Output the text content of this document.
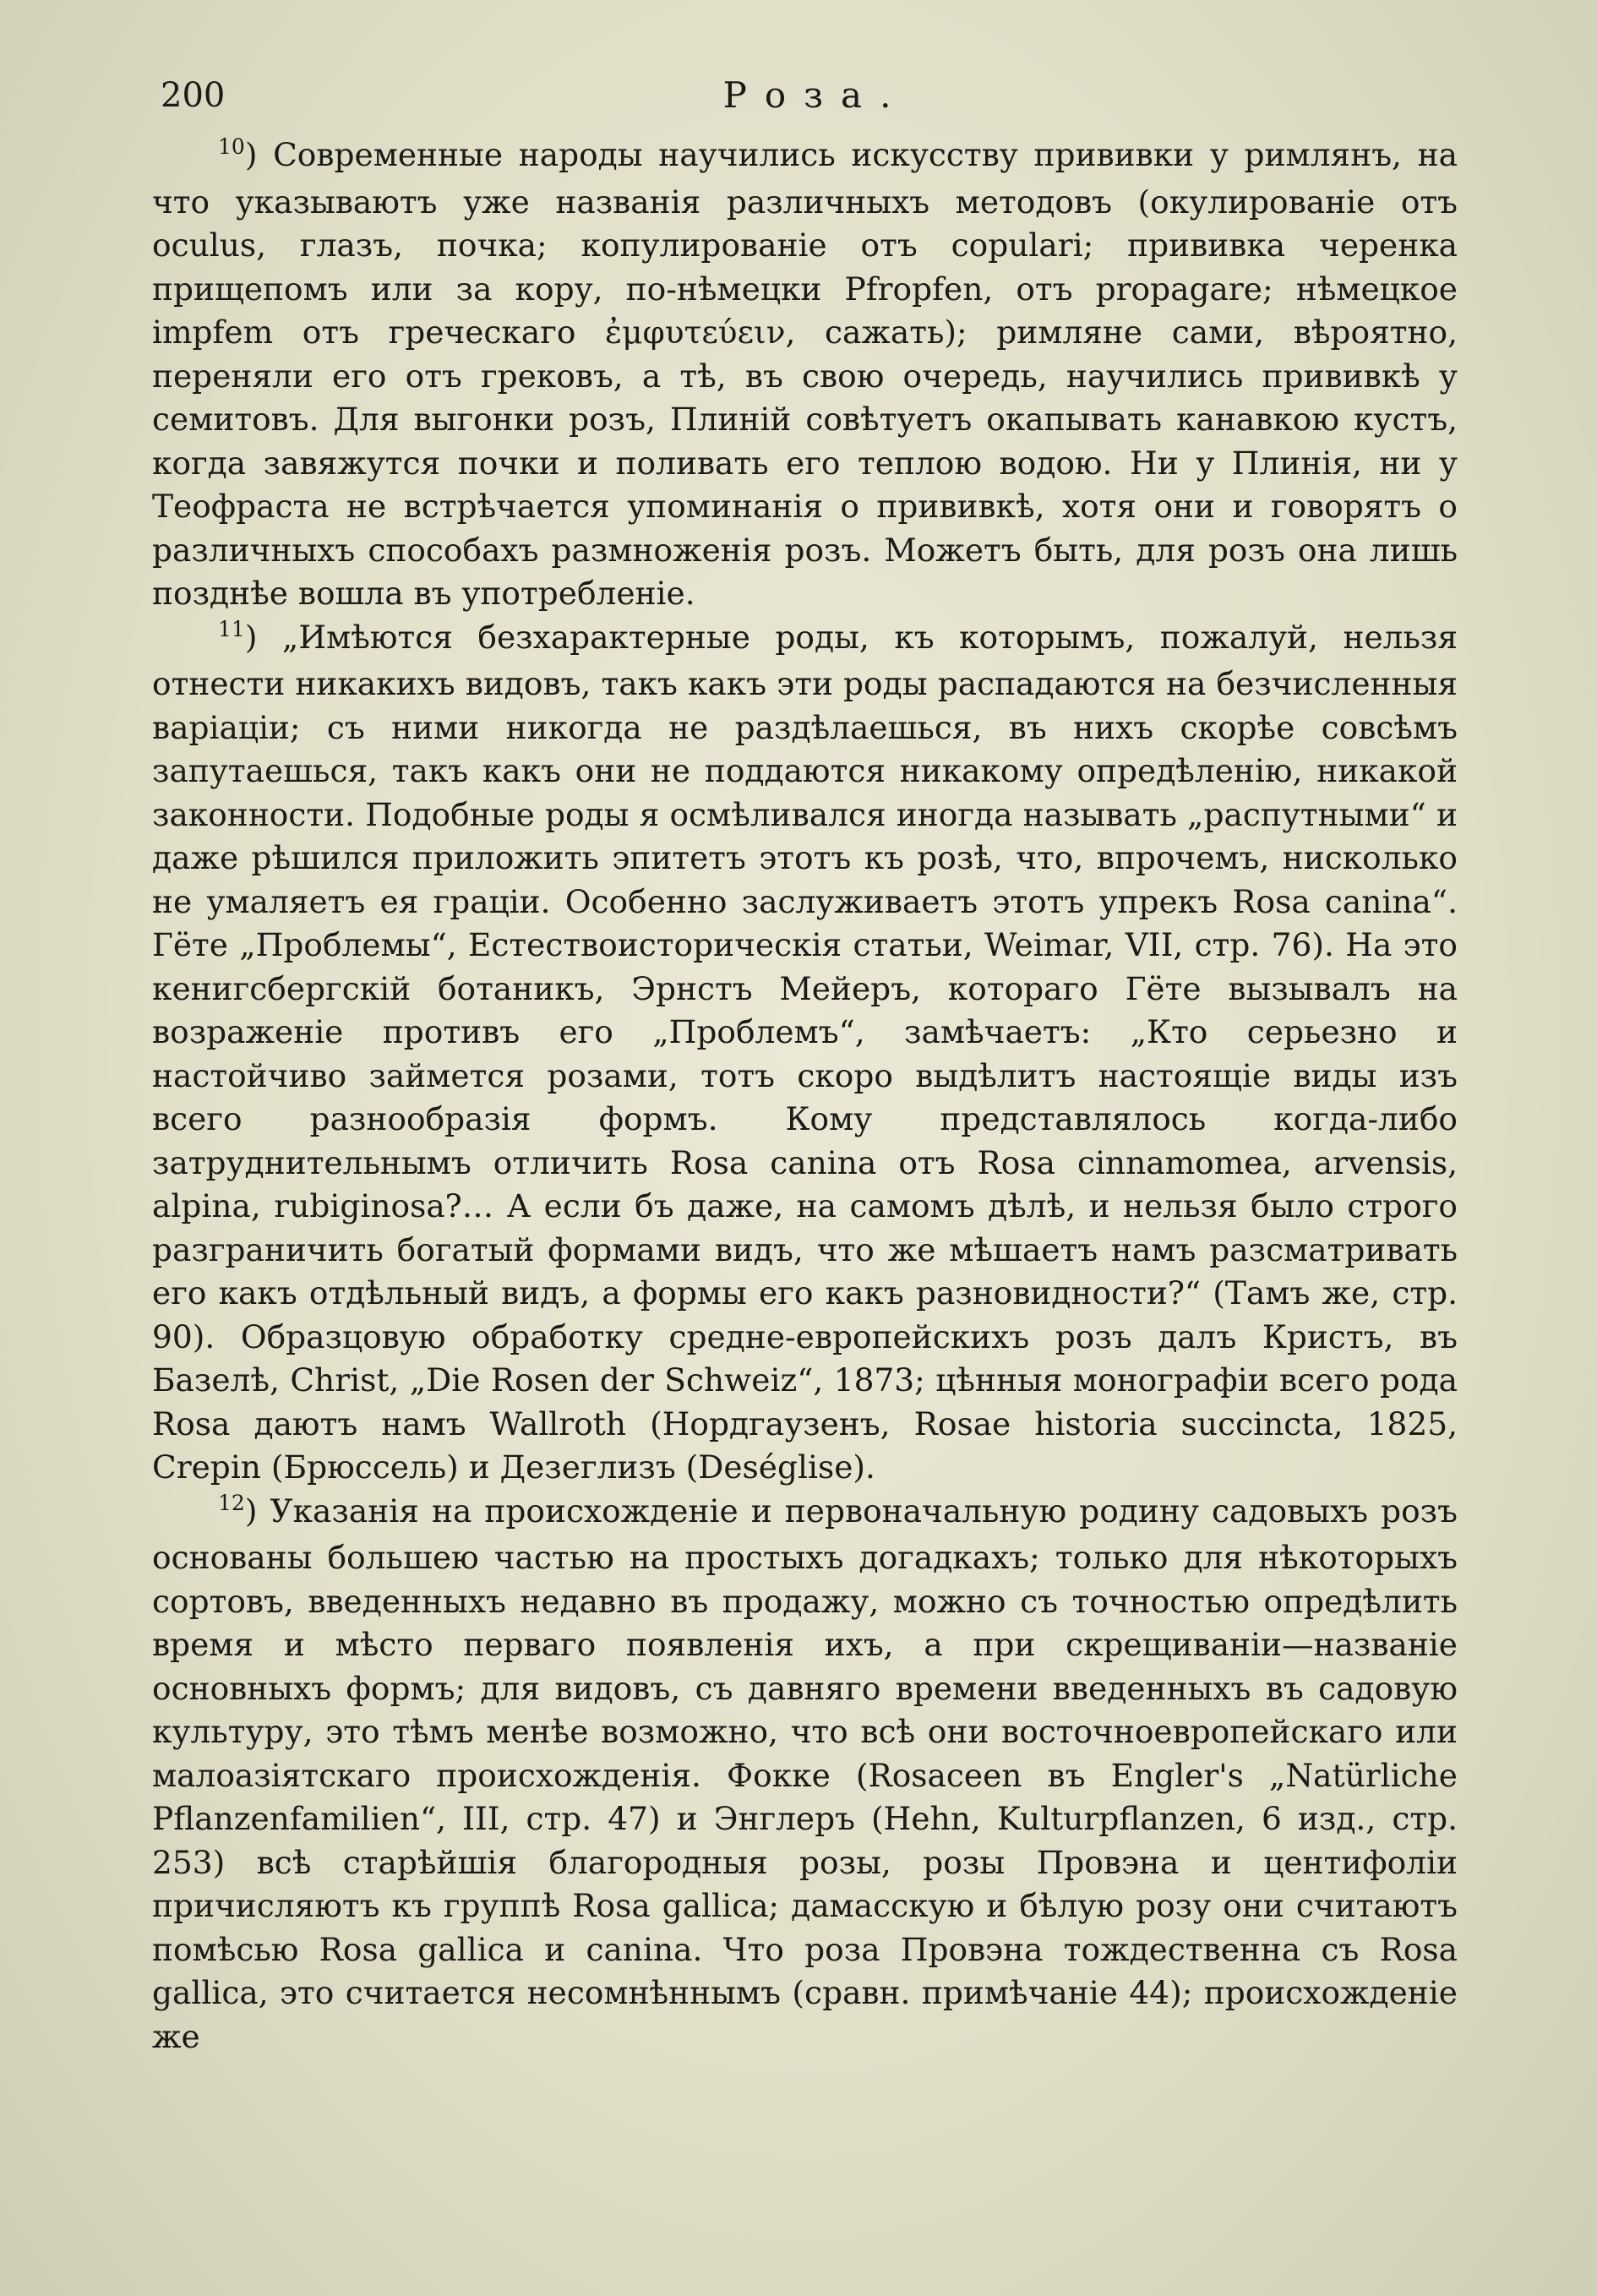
200	Роза.

$^{10}$) Современные народы научились искусству прививки у римлянъ, на что указываютъ уже названія различныхъ методовъ (окулированіе отъ oculus, глазъ, почка; копулированіе отъ copulari; прививка черенка прищепомъ или за кору, по-нѣмецки Pfropfen, отъ propagare; нѣмецкое impfem отъ греческаго ἐμφυτεύειν, сажать); римляне сами, вѣроятно, переняли его отъ грековъ, а тѣ, въ свою очередь, научились прививкѣ у семитовъ. Для выгонки розъ, Плиній совѣтуетъ окапывать канавкою кустъ, когда завяжутся почки и поливать его теплою водою. Ни у Плинія, ни у Теофраста не встрѣчается упоминанія о прививкѣ, хотя они и говорятъ о различныхъ способахъ размноженія розъ. Можетъ быть, для розъ она лишь позднѣе вошла въ употребленіе.

$^{11}$) „Имѣются безхарактерные роды, къ которымъ, пожалуй, нельзя отнести никакихъ видовъ, такъ какъ эти роды распадаются на безчисленныя варіаціи; съ ними никогда не раздѣлаешься, въ нихъ скорѣе совсѣмъ запутаешься, такъ какъ они не поддаются никакому опредѣленію, никакой законности. Подобные роды я осмѣливался иногда называть „распутными“ и даже рѣшился приложить эпитетъ этотъ къ розѣ, что, впрочемъ, нисколько не умаляетъ ея граціи. Особенно заслуживаетъ этотъ упрекъ Rosa canina“. Гёте „Проблемы“, Естествоисторическія статьи, Weimar, VII, стр. 76). На это кенигсбергскій ботаникъ, Эрнстъ Мейеръ, котораго Гёте вызывалъ на возраженіе противъ его „Проблемъ“, замѣчаетъ: „Кто серьезно и настойчиво займется розами, тотъ скоро выдѣлитъ настоящіе виды изъ всего разнообразія формъ. Кому представлялось когда-либо затруднительнымъ отличить Rosa canina отъ Rosa cinnamomea, arvensis, alpina, rubiginosa?… А если бъ даже, на самомъ дѣлѣ, и нельзя было строго разграничить богатый формами видъ, что же мѣшаетъ намъ разсматривать его какъ отдѣльный видъ, а формы его какъ разновидности?“ (Тамъ же, стр. 90). Образцовую обработку средне-европейскихъ розъ далъ Кристъ, въ Базелѣ, Christ, „Die Rosen der Schweiz“, 1873; цѣнныя монографіи всего рода Rosa даютъ намъ Wallroth (Нордгаузенъ, Rosae historia succincta, 1825, Crepin (Брюссель) и Дезеглизъ (Deséglise).

$^{12}$) Указанія на происхожденіе и первоначальную родину садовыхъ розъ основаны большею частью на простыхъ догадкахъ; только для нѣкоторыхъ сортовъ, введенныхъ недавно въ продажу, можно съ точностью опредѣлить время и мѣсто перваго появленія ихъ, а при скрещиваніи—названіе основныхъ формъ; для видовъ, съ давняго времени введенныхъ въ садовую культуру, это тѣмъ менѣе возможно, что всѣ они восточноевропейскаго или малоазіятскаго происхожденія. Фокке (Rosaceen въ Engler's „Natürliche Pflanzenfamilien“, III, стр. 47) и Энглеръ (Hehn, Kulturpflanzen, 6 изд., стр. 253) всѣ старѣйшія благородныя розы, розы Провэна и центифоліи причисляютъ къ группѣ Rosa gallica; дамасскую и бѣлую розу они считаютъ помѣсью Rosa gallica и canina. Что роза Провэна тождественна съ Rosa gallica, это считается несомнѣннымъ (сравн. примѣчаніе 44); происхожденіе же
